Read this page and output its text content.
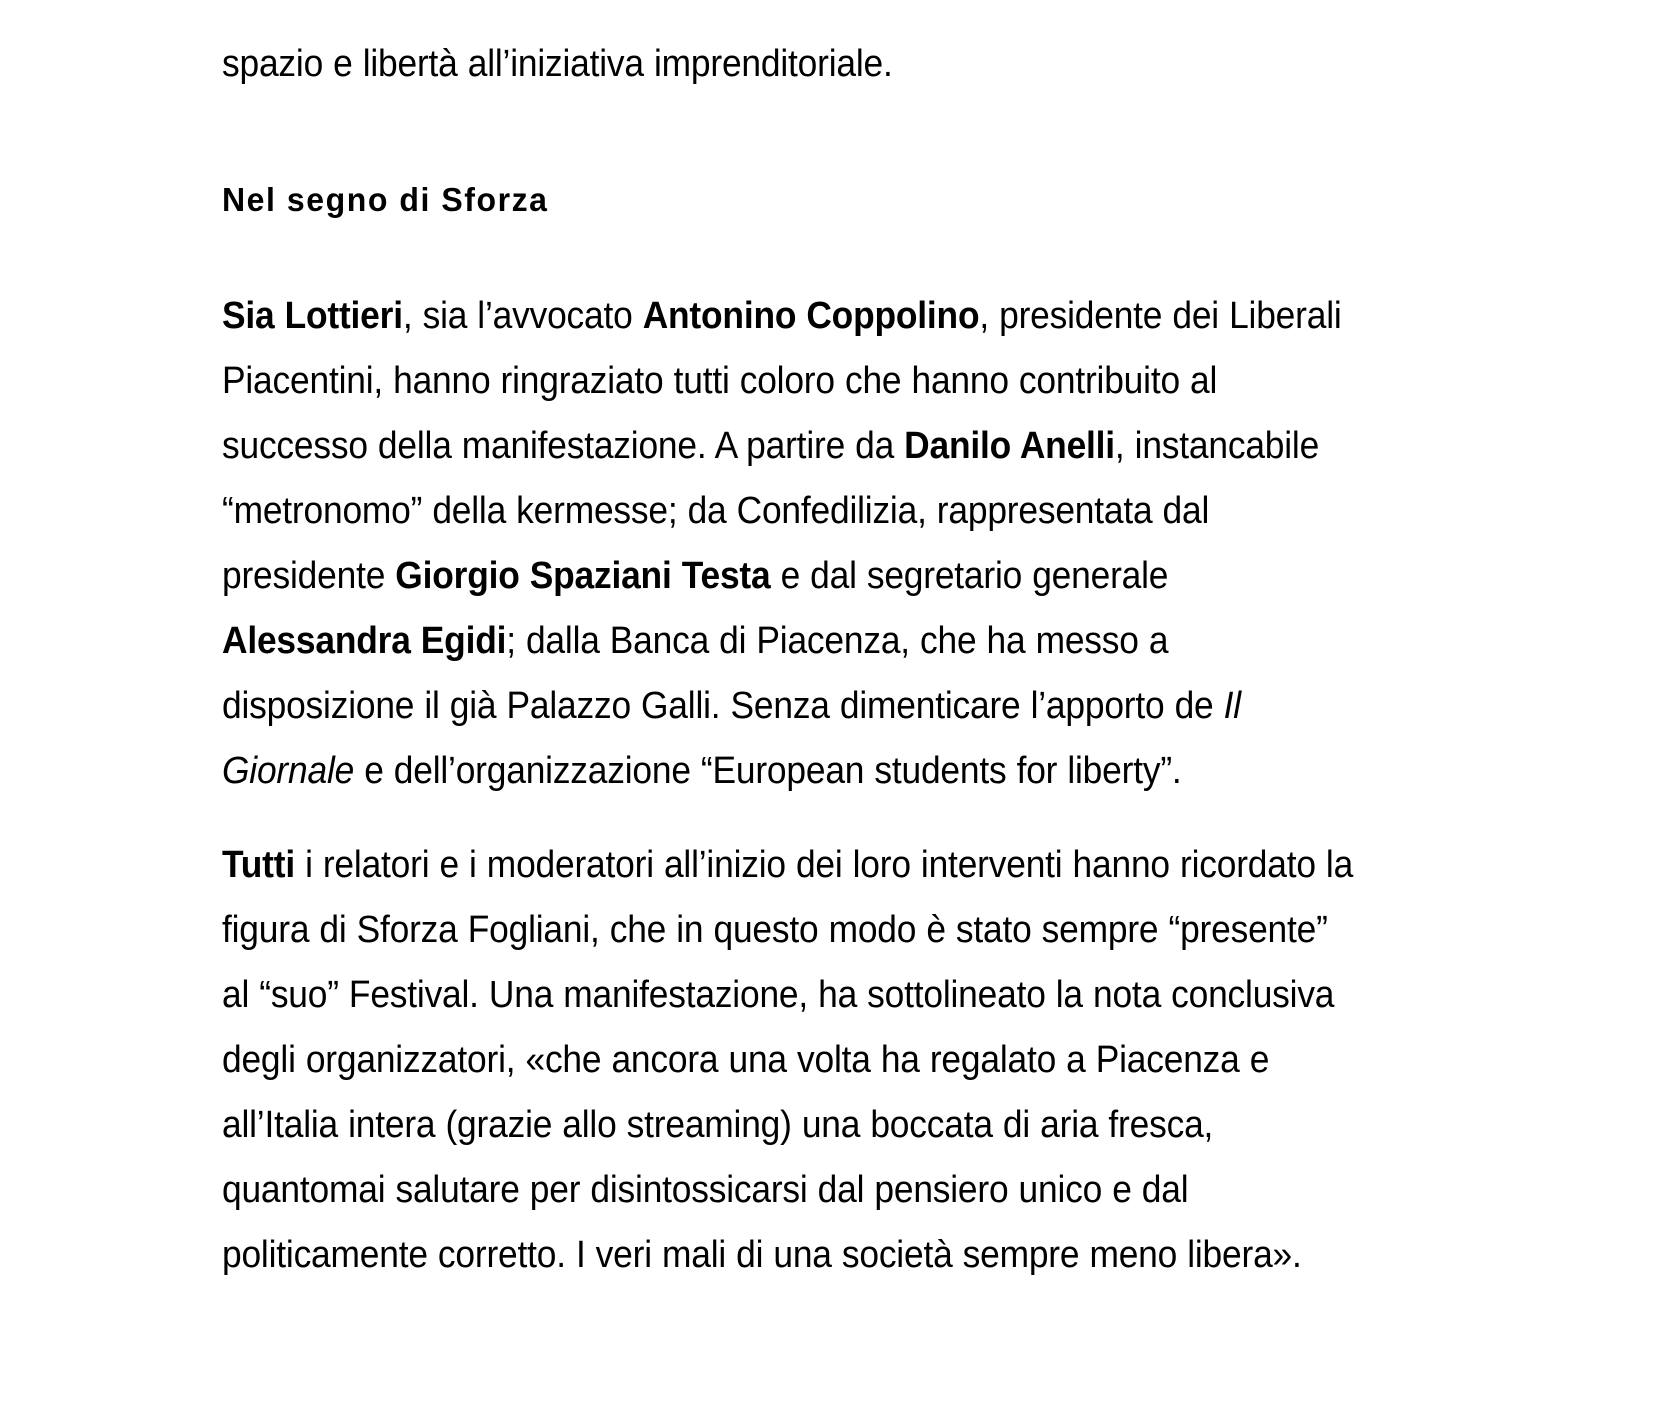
spazio e libertà all’iniziativa imprenditoriale.

Nel segno di Sforza

Sia Lottieri, sia l’avvocato Antonino Coppolino, presidente dei Liberali Piacentini, hanno ringraziato tutti coloro che hanno contribuito al successo della manifestazione. A partire da Danilo Anelli, instancabile “metronomo” della kermesse; da Confedilizia, rappresentata dal presidente Giorgio Spaziani Testa e dal segretario generale Alessandra Egidi; dalla Banca di Piacenza, che ha messo a disposizione il già Palazzo Galli. Senza dimenticare l’apporto de Il Giornale e dell’organizzazione “European students for liberty”.

Tutti i relatori e i moderatori all’inizio dei loro interventi hanno ricordato la figura di Sforza Fogliani, che in questo modo è stato sempre “presente” al “suo” Festival. Una manifestazione, ha sottolineato la nota conclusiva degli organizzatori, «che ancora una volta ha regalato a Piacenza e all’Italia intera (grazie allo streaming) una boccata di aria fresca, quantomai salutare per disintossicarsi dal pensiero unico e dal politicamente corretto. I veri mali di una società sempre meno libera».
